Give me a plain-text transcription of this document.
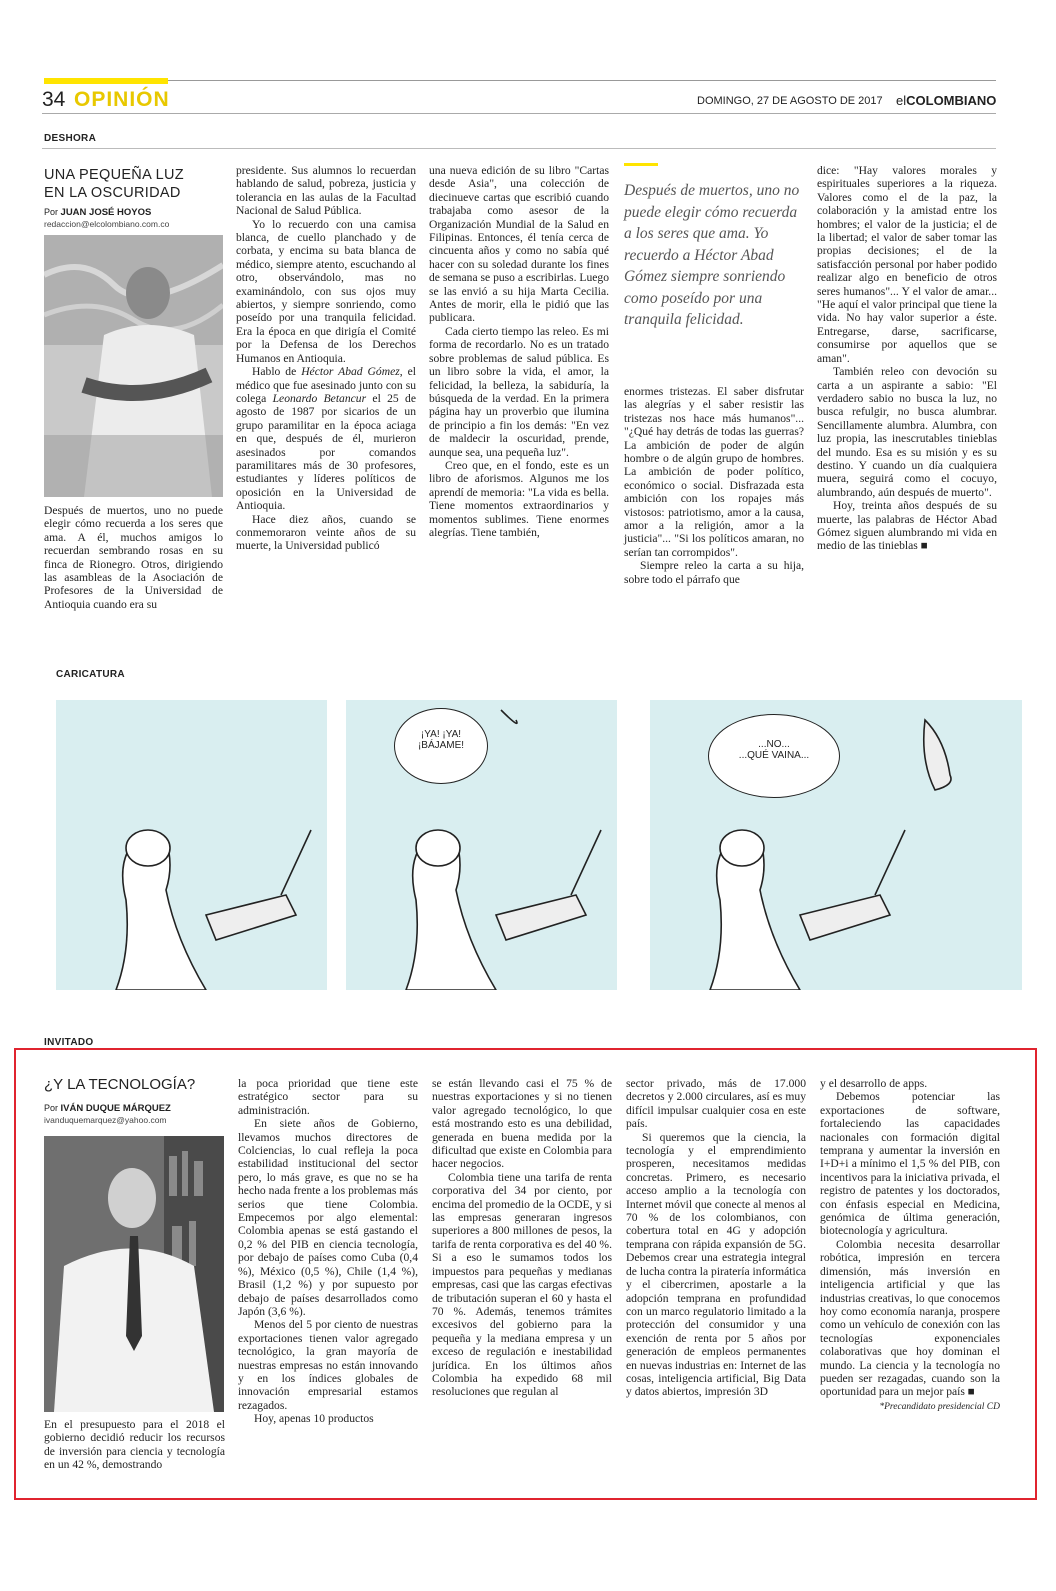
34 OPINIÓN	DOMINGO, 27 DE AGOSTO DE 2017 elCOLOMBIANO
DESHORA
UNA PEQUEÑA LUZ
EN LA OSCURIDAD
Por JUAN JOSÉ HOYOS
redaccion@elcolombiano.com.co

Después de muertos, uno no puede elegir cómo recuerda a los seres que ama. A él, muchos amigos lo recuerdan sembrando rosas en su finca de Rionegro. Otros, dirigiendo las asambleas de la Asociación de Profesores de la Universidad de Antioquia cuando era su

presidente. Sus alumnos lo recuerdan hablando de salud, pobreza, justicia y tolerancia en las aulas de la Facultad Nacional de Salud Pública.

Yo lo recuerdo con una camisa blanca, de cuello planchado y de corbata, y encima su bata blanca de médico, siempre atento, escuchando al otro, observándolo, mas no examinándolo, con sus ojos muy abiertos, y siempre sonriendo, como poseído por una tranquila felicidad. Era la época en que dirigía el Comité por la Defensa de los Derechos Humanos en Antioquia.

Hablo de Héctor Abad Gómez, el médico que fue asesinado junto con su colega Leonardo Betancur el 25 de agosto de 1987 por sicarios de un grupo paramilitar en la época aciaga en que, después de él, murieron asesinados por comandos paramilitares más de 30 profesores, estudiantes y líderes políticos de oposición en la Universidad de Antioquia.

Hace diez años, cuando se conmemoraron veinte años de su muerte, la Universidad publicó

una nueva edición de su libro "Cartas desde Asia", una colección de diecinueve cartas que escribió cuando trabajaba como asesor de la Organización Mundial de la Salud en Filipinas. Entonces, él tenía cerca de cincuenta años y como no sabía qué hacer con su soledad durante los fines de semana se puso a escribirlas. Luego se las envió a su hija Marta Cecilia. Antes de morir, ella le pidió que las publicara.

Cada cierto tiempo las releo. Es mi forma de recordarlo. No es un tratado sobre problemas de salud pública. Es un libro sobre la vida, el amor, la felicidad, la belleza, la sabiduría, la búsqueda de la verdad. En la primera página hay un proverbio que ilumina de principio a fin los demás: "En vez de maldecir la oscuridad, prende, aunque sea, una pequeña luz".

Creo que, en el fondo, este es un libro de aforismos. Algunos me los aprendí de memoria: "La vida es bella. Tiene momentos extraordinarios y momentos sublimes. Tiene enormes alegrías. Tiene también,

Después de muertos, uno no puede elegir cómo recuerda a los seres que ama. Yo recuerdo a Héctor Abad Gómez siempre sonriendo como poseído por una tranquila felicidad.

enormes tristezas. El saber disfrutar las alegrías y el saber resistir las tristezas nos hace más humanos"... "¿Qué hay detrás de todas las guerras? La ambición de poder de algún hombre o de algún grupo de hombres. La ambición de poder político, económico o social. Disfrazada esta ambición con los ropajes más vistosos: patriotismo, amor a la causa, amor a la religión, amor a la justicia"... "Si los políticos amaran, no serían tan corrompidos".

Siempre releo la carta a su hija, sobre todo el párrafo que

dice: "Hay valores morales y espirituales superiores a la riqueza. Valores como el de la paz, la colaboración y la amistad entre los hombres; el valor de la justicia; el de la libertad; el valor de saber tomar las propias decisiones; el de la satisfacción personal por haber podido realizar algo en beneficio de otros seres humanos"... Y el valor de amar... "He aquí el valor principal que tiene la vida. No hay valor superior a éste. Entregarse, darse, sacrificarse, consumirse por aquellos que se aman".

También releo con devoción su carta a un aspirante a sabio: "El verdadero sabio no busca la luz, no busca refulgir, no busca alumbrar. Sencillamente alumbra. Alumbra, con luz propia, las inescrutables tinieblas del mundo. Esa es su misión y es su destino. Y cuando un día cualquiera muera, seguirá como el cocuyo, alumbrando, aún después de muerto".

Hoy, treinta años después de su muerte, las palabras de Héctor Abad Gómez siguen alumbrando mi vida en medio de las tinieblas ■

CARICATURA
¡YA! ¡YA!
¡BÁJAME!	...NO...
...QUÉ VAINA...
INVITADO
¿Y LA TECNOLOGÍA?
Por IVÁN DUQUE MÁRQUEZ
ivanduquemarquez@yahoo.com

En el presupuesto para el 2018 el gobierno decidió reducir los recursos de inversión para ciencia y tecnología en un 42 %, demostrando

la poca prioridad que tiene este estratégico sector para su administración.

En siete años de Gobierno, llevamos muchos directores de Colciencias, lo cual refleja la poca estabilidad institucional del sector pero, lo más grave, es que no se ha hecho nada frente a los problemas más serios que tiene Colombia. Empecemos por algo elemental: Colombia apenas se está gastando el 0,2 % del PIB en ciencia tecnología, por debajo de países como Cuba (0,4 %), México (0,5 %), Chile (1,4 %), Brasil (1,2 %) y por supuesto por debajo de países desarrollados como Japón (3,6 %).

Menos del 5 por ciento de nuestras exportaciones tienen valor agregado tecnológico, la gran mayoría de nuestras empresas no están innovando y en los índices globales de innovación empresarial estamos rezagados.

Hoy, apenas 10 productos

se están llevando casi el 75 % de nuestras exportaciones y si no tienen valor agregado tecnológico, lo que está mostrando esto es una debilidad, generada en buena medida por la dificultad que existe en Colombia para hacer negocios.

Colombia tiene una tarifa de renta corporativa del 34 por ciento, por encima del promedio de la OCDE, y si las empresas generaran ingresos superiores a 800 millones de pesos, la tarifa de renta corporativa es del 40 %. Si a eso le sumamos todos los impuestos para pequeñas y medianas empresas, casi que las cargas efectivas de tributación superan el 60 y hasta el 70 %. Además, tenemos trámites excesivos del gobierno para la pequeña y la mediana empresa y un exceso de regulación e inestabilidad jurídica. En los últimos años Colombia ha expedido 68 mil resoluciones que regulan al

sector privado, más de 17.000 decretos y 2.000 circulares, así es muy difícil impulsar cualquier cosa en este país.

Si queremos que la ciencia, la tecnología y el emprendimiento prosperen, necesitamos medidas concretas. Primero, es necesario acceso amplio a la tecnología con Internet móvil que conecte al menos al 70 % de los colombianos, con cobertura total en 4G y adopción temprana con rápida expansión de 5G. Debemos crear una estrategia integral de lucha contra la piratería informática y el cibercrimen, apostarle a la adopción temprana en profundidad con un marco regulatorio limitado a la protección del consumidor y una exención de renta por 5 años por generación de empleos permanentes en nuevas industrias en: Internet de las cosas, inteligencia artificial, Big Data y datos abiertos, impresión 3D

y el desarrollo de apps.

Debemos potenciar las exportaciones de software, fortaleciendo las capacidades nacionales con formación digital temprana y aumentar la inversión en I+D+i a mínimo el 1,5 % del PIB, con incentivos para la iniciativa privada, el registro de patentes y los doctorados, con énfasis especial en Medicina, genómica de última generación, biotecnología y agricultura.

Colombia necesita desarrollar robótica, impresión en tercera dimensión, más inversión en inteligencia artificial y que las industrias creativas, lo que conocemos hoy como economía naranja, prospere como un vehículo de conexión con las tecnologías exponenciales colaborativas que hoy dominan el mundo. La ciencia y la tecnología no pueden ser rezagadas, cuando son la oportunidad para un mejor país ■

*Precandidato presidencial CD
